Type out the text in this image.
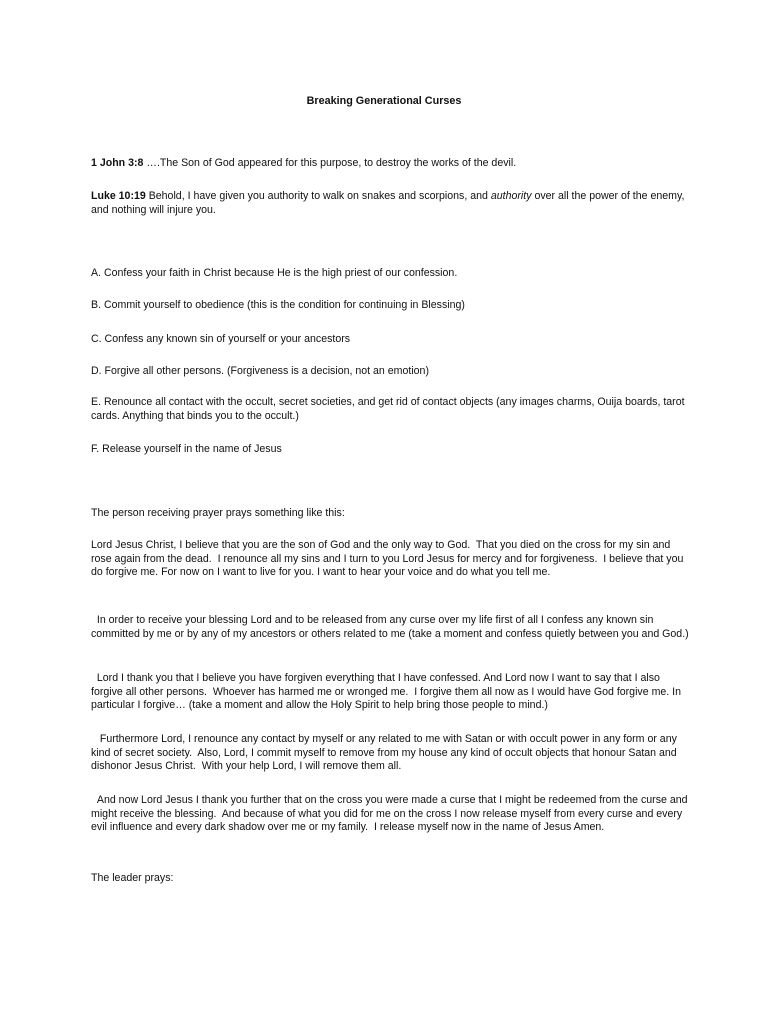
Breaking Generational Curses

1 John 3:8 ….The Son of God appeared for this purpose, to destroy the works of the devil.

Luke 10:19 Behold, I have given you authority to walk on snakes and scorpions, and authority over all the power of the enemy, and nothing will injure you.

A. Confess your faith in Christ because He is the high priest of our confession.

B. Commit yourself to obedience (this is the condition for continuing in Blessing)

C. Confess any known sin of yourself or your ancestors

D. Forgive all other persons. (Forgiveness is a decision, not an emotion)

E. Renounce all contact with the occult, secret societies, and get rid of contact objects (any images charms, Ouija boards, tarot cards. Anything that binds you to the occult.)

F. Release yourself in the name of Jesus

The person receiving prayer prays something like this:

Lord Jesus Christ, I believe that you are the son of God and the only way to God.  That you died on the cross for my sin and rose again from the dead.  I renounce all my sins and I turn to you Lord Jesus for mercy and for forgiveness.  I believe that you do forgive me. For now on I want to live for you. I want to hear your voice and do what you tell me.

In order to receive your blessing Lord and to be released from any curse over my life first of all I confess any known sin committed by me or by any of my ancestors or others related to me (take a moment and confess quietly between you and God.)

Lord I thank you that I believe you have forgiven everything that I have confessed. And Lord now I want to say that I also forgive all other persons.  Whoever has harmed me or wronged me.  I forgive them all now as I would have God forgive me. In particular I forgive… (take a moment and allow the Holy Spirit to help bring those people to mind.)

Furthermore Lord, I renounce any contact by myself or any related to me with Satan or with occult power in any form or any kind of secret society.  Also, Lord, I commit myself to remove from my house any kind of occult objects that honour Satan and dishonor Jesus Christ.  With your help Lord, I will remove them all.

And now Lord Jesus I thank you further that on the cross you were made a curse that I might be redeemed from the curse and might receive the blessing.  And because of what you did for me on the cross I now release myself from every curse and every evil influence and every dark shadow over me or my family.  I release myself now in the name of Jesus Amen.

The leader prays:
